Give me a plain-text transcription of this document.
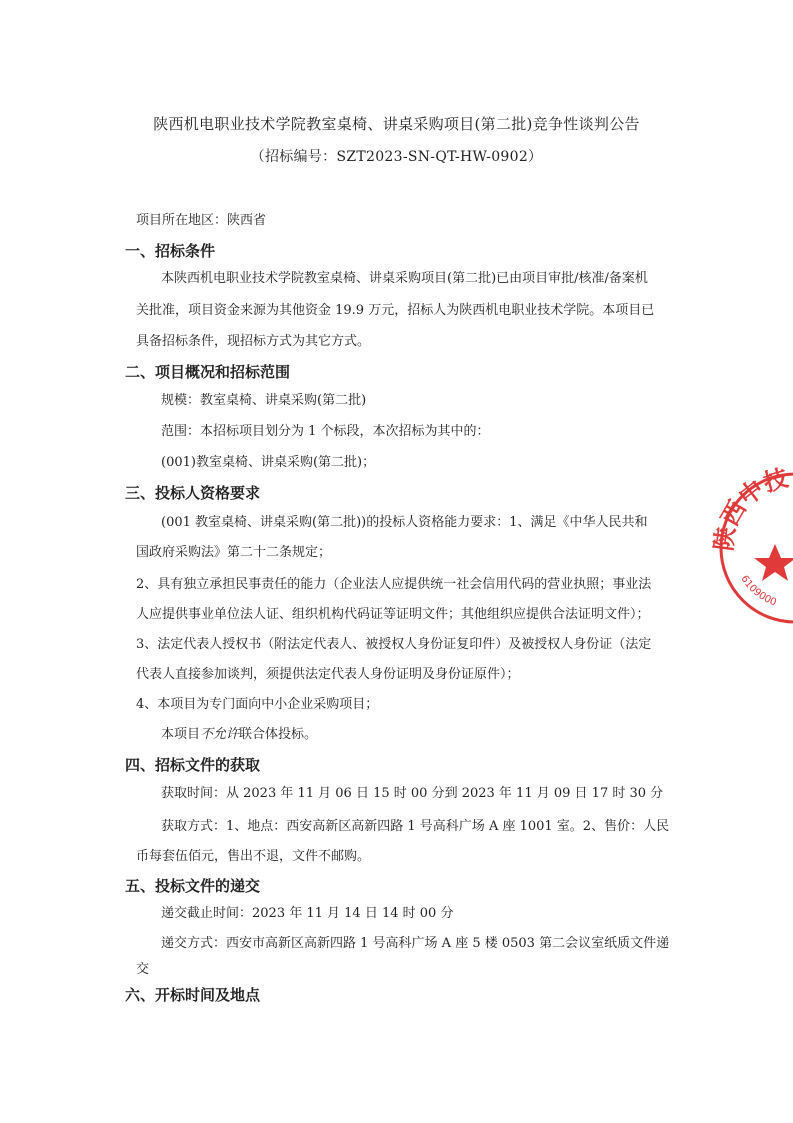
陕西机电职业技术学院教室桌椅、讲桌采购项目(第二批)竞争性谈判公告
（招标编号：SZT2023-SN-QT-HW-0902）
项目所在地区：陕西省
一、招标条件
本陕西机电职业技术学院教室桌椅、讲桌采购项目(第二批)已由项目审批/核准/备案机
关批准，项目资金来源为其他资金 19.9 万元，招标人为陕西机电职业技术学院。本项目已
具备招标条件，现招标方式为其它方式。
二、项目概况和招标范围
规模：教室桌椅、讲桌采购(第二批)
范围：本招标项目划分为 1 个标段，本次招标为其中的：
(001)教室桌椅、讲桌采购(第二批)；
三、投标人资格要求
(001 教室桌椅、讲桌采购(第二批))的投标人资格能力要求：1、满足《中华人民共和
国政府采购法》第二十二条规定；
2、具有独立承担民事责任的能力（企业法人应提供统一社会信用代码的营业执照；事业法
人应提供事业单位法人证、组织机构代码证等证明文件；其他组织应提供合法证明文件）；
3、法定代表人授权书（附法定代表人、被授权人身份证复印件）及被授权人身份证（法定
代表人直接参加谈判，须提供法定代表人身份证明及身份证原件）；
4、本项目为专门面向中小企业采购项目；
本项目不允许联合体投标。
四、招标文件的获取
获取时间：从 2023 年 11 月 06 日 15 时 00 分到 2023 年 11 月 09 日 17 时 30 分
获取方式：1、地点：西安高新区高新四路 1 号高科广场 A 座 1001 室。2、售价：人民
币每套伍佰元，售出不退，文件不邮购。
五、投标文件的递交
递交截止时间：2023 年 11 月 14 日 14 时 00 分
递交方式：西安市高新区高新四路 1 号高科广场 A 座 5 楼 0503 第二会议室纸质文件递
交
六、开标时间及地点
陕西中技
6109000
